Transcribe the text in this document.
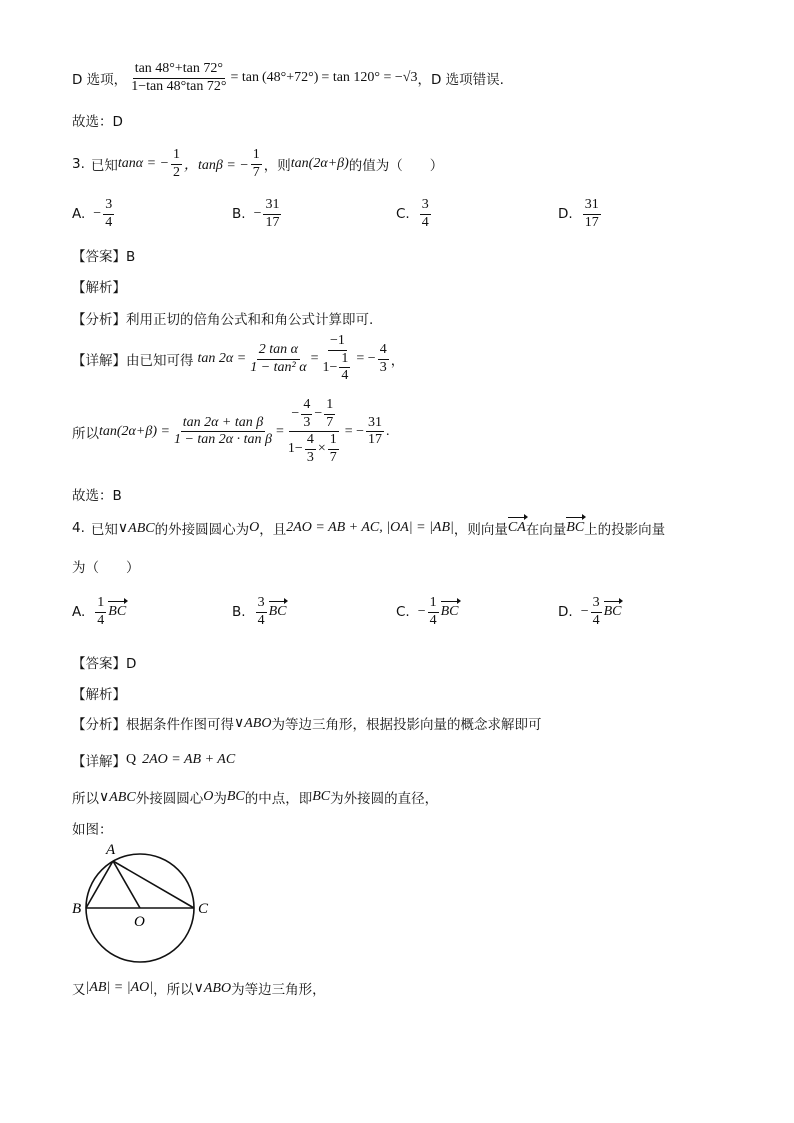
D 选项， $\frac{\tan 48^\circ+\tan 72^\circ}{1-\tan 48^\circ\tan 72^\circ} = \tan (48^\circ+72^\circ) = \tan 120^\circ = -√3$ ，D 选项错误.
故选：D
3. 已知 tanα = − $\frac{1}{2}$ ，tanβ = − $\frac{1}{7}$ ，则 tan(2α+β) 的值为（　　）
A. − $\frac{3}{4}$	B. − $\frac{31}{17}$	C. $\frac{3}{4}$	D. $\frac{31}{17}$
【答案】B
【解析】
【分析】利用正切的倍角公式和和角公式计算即可.
【详解】由已知可得 $\tan 2\alpha = \frac{\text{2 tan α}}{\text{1 − tan² α}} = \frac{-1}{1- \frac{1}{4}}$ = − $\frac{4}{3}$ ，
所以 $\tan(2\alpha+\beta) = \frac{\text{tan 2α + tan β}}{\text{1 − tan 2α · tan β}} = \frac{- \frac{4}{3} - \frac{1}{7}}{1- \frac{4}{3} \times \frac{1}{7}}$ = − $\frac{31}{17}$ .
故选：B
4. 已知 ∨ABC 的外接圆圆心为 O ，且 2AO = AB + AC, |OA| = |AB| ，则向量 CA 在向量 BC 上的投影向量
为（　　）
A. $\frac{1}{4}$ BC	B. $\frac{3}{4}$ BC	C. − $\frac{1}{4}$ BC	D. − $\frac{3}{4}$ BC
【答案】D
【解析】
【分析】根据条件作图可得 ∨ABO 为等边三角形，根据投影向量的概念求解即可
【详解】 Q 2AO = AB + AC
所以 ∨ABC 外接圆圆心 O 为 BC 的中点，即 BC 为外接圆的直径，
如图：
A
B	C
O
又 |AB| = |AO| ，所以 ∨ABO 为等边三角形，
